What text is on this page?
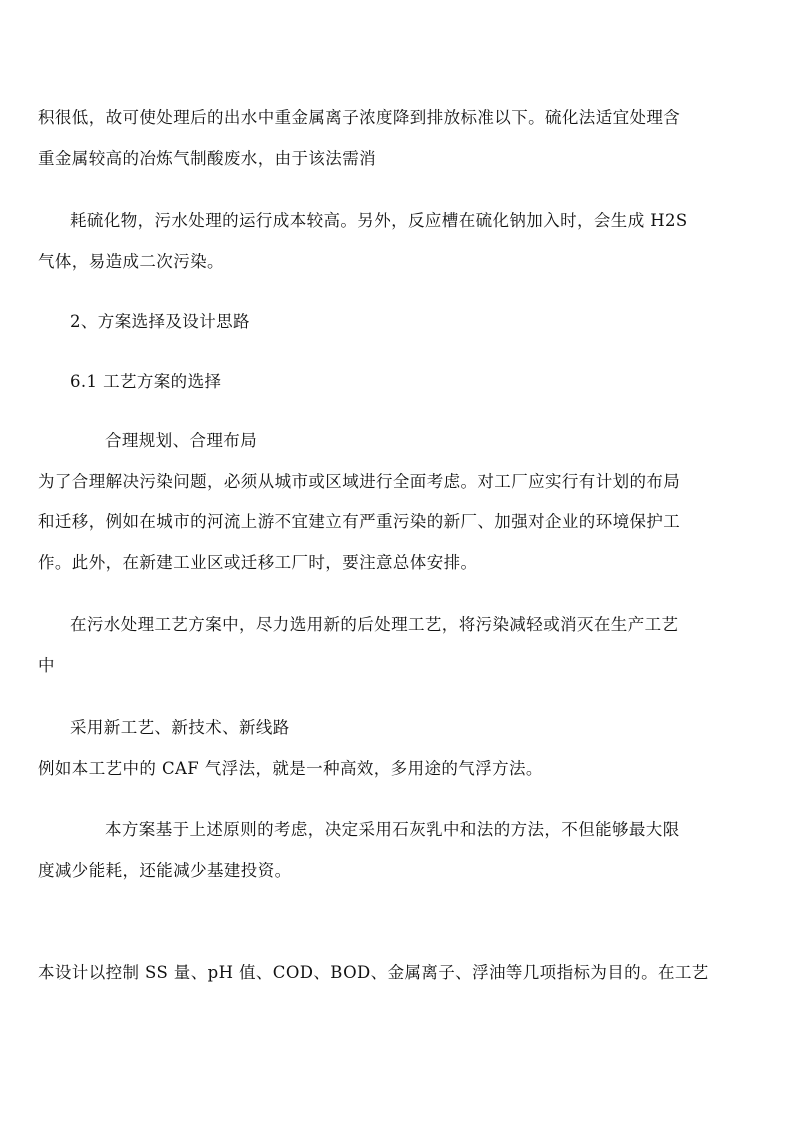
积很低，故可使处理后的出水中重金属离子浓度降到排放标准以下。硫化法适宜处理含

重金属较高的冶炼气制酸废水，由于该法需消

耗硫化物，污水处理的运行成本较高。另外，反应槽在硫化钠加入时，会生成 H2S

气体，易造成二次污染。

2、方案选择及设计思路

6.1 工艺方案的选择

合理规划、合理布局

为了合理解决污染问题，必须从城市或区域进行全面考虑。对工厂应实行有计划的布局

和迁移，例如在城市的河流上游不宜建立有严重污染的新厂、加强对企业的环境保护工

作。此外，在新建工业区或迁移工厂时，要注意总体安排。

在污水处理工艺方案中，尽力选用新的后处理工艺，将污染减轻或消灭在生产工艺

中

采用新工艺、新技术、新线路

例如本工艺中的 CAF 气浮法，就是一种高效，多用途的气浮方法。

本方案基于上述原则的考虑，决定采用石灰乳中和法的方法，不但能够最大限

度减少能耗，还能减少基建投资。

本设计以控制 SS 量、pH 值、COD、BOD、金属离子、浮油等几项指标为目的。在工艺
